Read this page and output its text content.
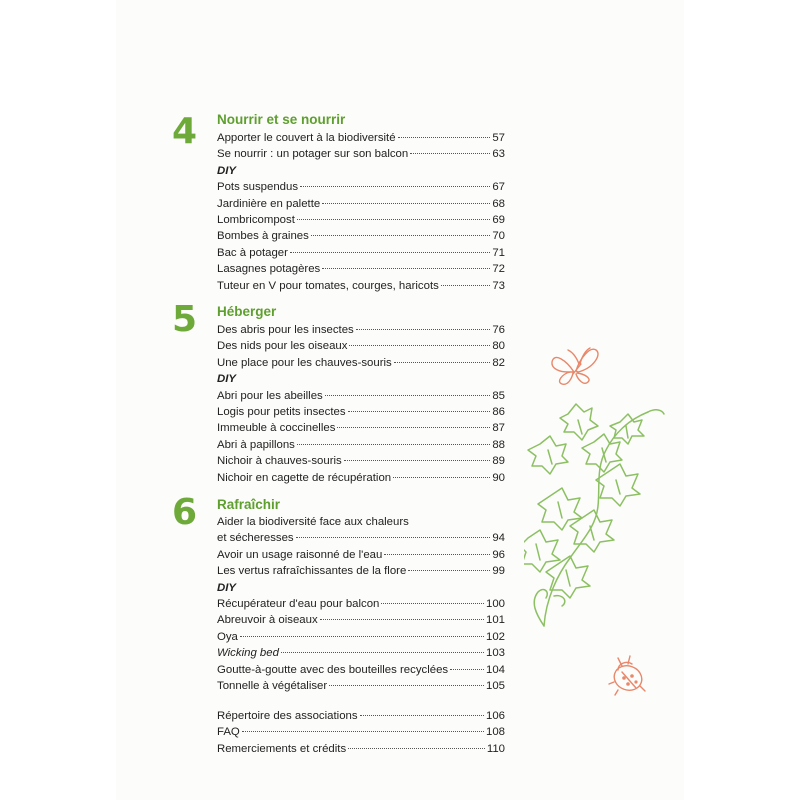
4 Nourrir et se nourrir
Apporter le couvert à la biodiversité	57
Se nourrir : un potager sur son balcon	63
DIY
Pots suspendus	67
Jardinière en palette	68
Lombricompost	69
Bombes à graines	70
Bac à potager	71
Lasagnes potagères	72
Tuteur en V pour tomates, courges, haricots	73
5 Héberger
Des abris pour les insectes	76
Des nids pour les oiseaux	80
Une place pour les chauves-souris	82
DIY
Abri pour les abeilles	85
Logis pour petits insectes	86
Immeuble à coccinelles	87
Abri à papillons	88
Nichoir à chauves-souris	89
Nichoir en cagette de récupération	90
6 Rafraîchir
Aider la biodiversité face aux chaleurs
et sécheresses	94
Avoir un usage raisonné de l'eau	96
Les vertus rafraîchissantes de la flore	99
DIY
Récupérateur d'eau pour balcon	100
Abreuvoir à oiseaux	101
Oya	102
Wicking bed	103
Goutte-à-goutte avec des bouteilles recyclées	104
Tonnelle à végétaliser	105
Répertoire des associations	106
FAQ	108
Remerciements et crédits	110
